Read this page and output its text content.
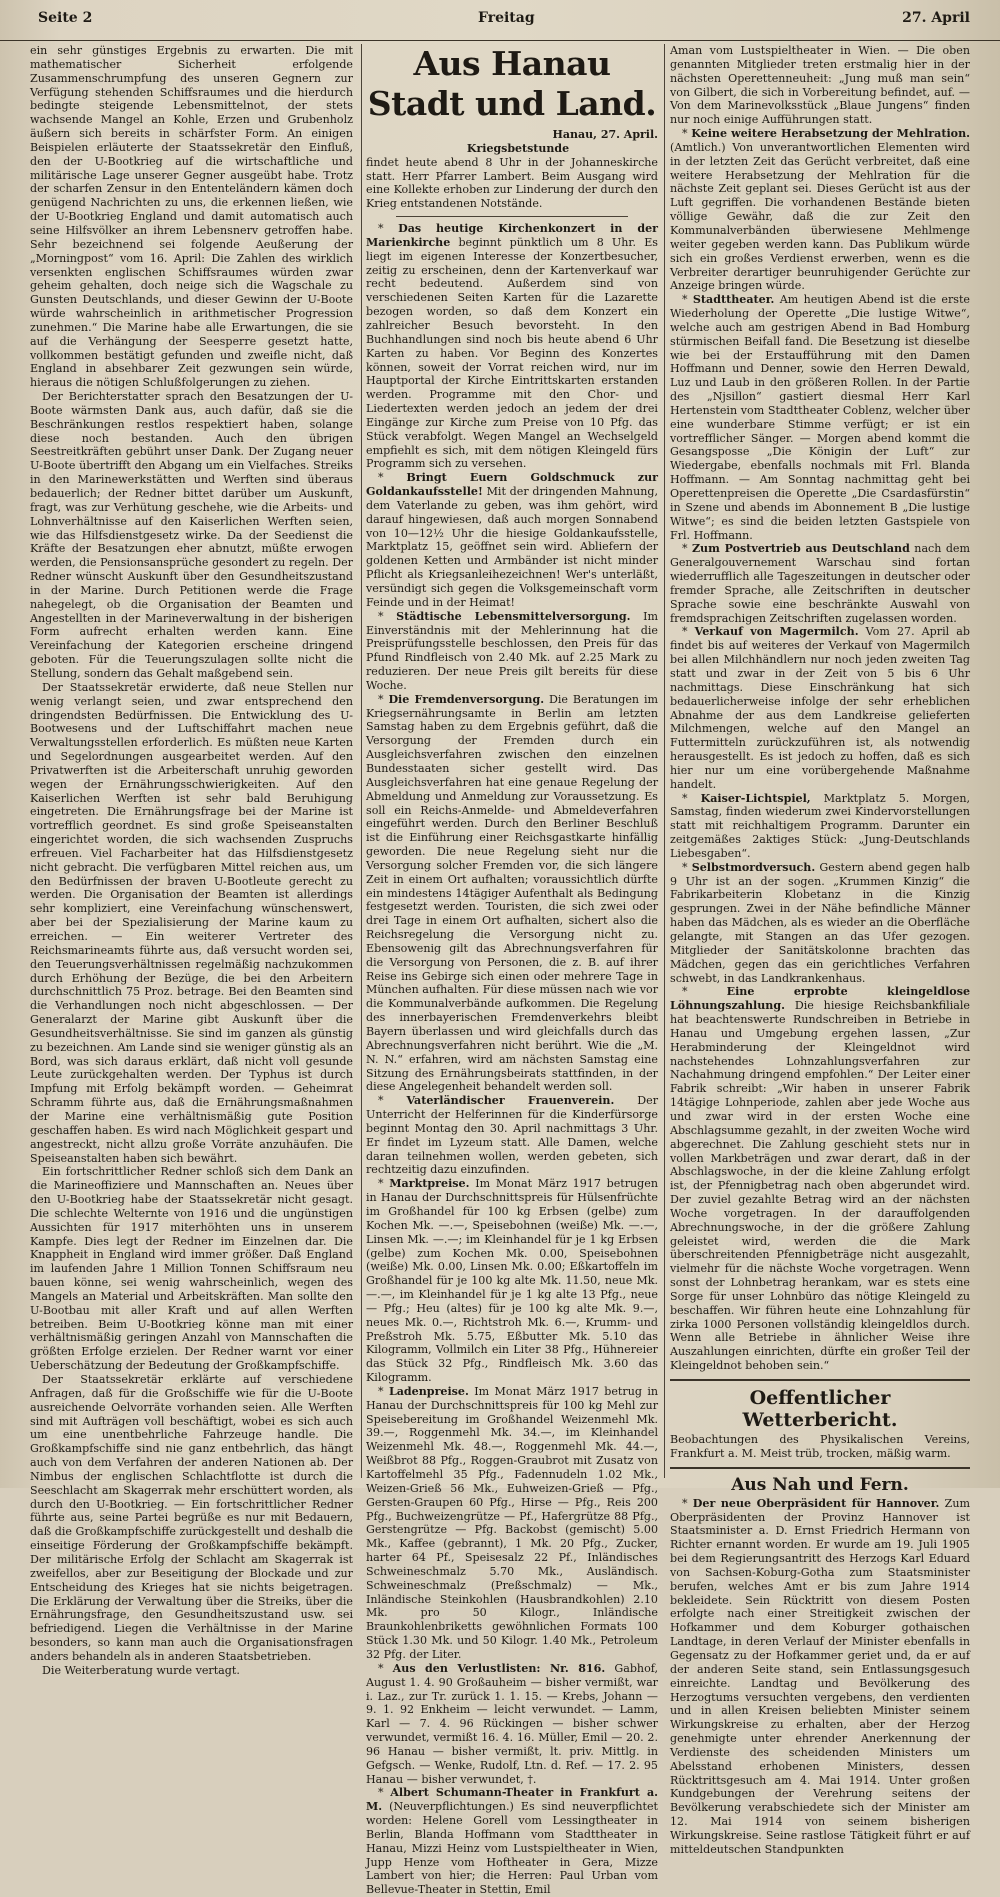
Seite 2	Freitag	27. April

ein sehr günstiges Ergebnis zu erwarten. Die mit mathematischer Sicherheit erfolgende Zusammenschrumpfung des unseren Gegnern zur Verfügung stehenden Schiffsraumes und die hierdurch bedingte steigende Lebensmittelnot, der stets wachsende Mangel an Kohle, Erzen und Grubenholz äußern sich bereits in schärfster Form. An einigen Beispielen erläuterte der Staatssekretär den Einfluß, den der U-Bootkrieg auf die wirtschaftliche und militärische Lage unserer Gegner ausgeübt habe. Trotz der scharfen Zensur in den Ententeländern kämen doch genügend Nachrichten zu uns, die erkennen ließen, wie der U-Bootkrieg England und damit automatisch auch seine Hilfsvölker an ihrem Lebensnerv getroffen habe. Sehr bezeichnend sei folgende Aeußerung der „Morningpost“ vom 16. April: Die Zahlen des wirklich versenkten englischen Schiffsraumes würden zwar geheim gehalten, doch neige sich die Wagschale zu Gunsten Deutschlands, und dieser Gewinn der U-Boote würde wahrscheinlich in arithmetischer Progression zunehmen.“ Die Marine habe alle Erwartungen, die sie auf die Verhängung der Seesperre gesetzt hatte, vollkommen bestätigt gefunden und zweifle nicht, daß England in absehbarer Zeit gezwungen sein würde, hieraus die nötigen Schlußfolgerungen zu ziehen.

Der Berichterstatter sprach den Besatzungen der U-Boote wärmsten Dank aus, auch dafür, daß sie die Beschränkungen restlos respektiert haben, solange diese noch bestanden. Auch den übrigen Seestreitkräften gebührt unser Dank. Der Zugang neuer U-Boote übertrifft den Abgang um ein Vielfaches. Streiks in den Marinewerkstätten und Werften sind überaus bedauerlich; der Redner bittet darüber um Auskunft, fragt, was zur Verhütung geschehe, wie die Arbeits- und Lohnverhältnisse auf den Kaiserlichen Werften seien, wie das Hilfsdienstgesetz wirke. Da der Seedienst die Kräfte der Besatzungen eher abnutzt, müßte erwogen werden, die Pensionsansprüche gesondert zu regeln. Der Redner wünscht Auskunft über den Gesundheitszustand in der Marine. Durch Petitionen werde die Frage nahegelegt, ob die Organisation der Beamten und Angestellten in der Marineverwaltung in der bisherigen Form aufrecht erhalten werden kann. Eine Vereinfachung der Kategorien erscheine dringend geboten. Für die Teuerungszulagen sollte nicht die Stellung, sondern das Gehalt maßgebend sein.

Der Staatssekretär erwiderte, daß neue Stellen nur wenig verlangt seien, und zwar entsprechend den dringendsten Bedürfnissen. Die Entwicklung des U-Bootwesens und der Luftschiffahrt machen neue Verwaltungsstellen erforderlich. Es müßten neue Karten und Segelordnungen ausgearbeitet werden. Auf den Privatwerften ist die Arbeiterschaft unruhig geworden wegen der Ernährungsschwierigkeiten. Auf den Kaiserlichen Werften ist sehr bald Beruhigung eingetreten. Die Ernährungsfrage bei der Marine ist vortrefflich geordnet. Es sind große Speiseanstalten eingerichtet worden, die sich wachsenden Zuspruchs erfreuen. Viel Facharbeiter hat das Hilfsdienstgesetz nicht gebracht. Die verfügbaren Mittel reichen aus, um den Bedürfnissen der braven U-Bootleute gerecht zu werden. Die Organisation der Beamten ist allerdings sehr kompliziert, eine Vereinfachung wünschenswert, aber bei der Spezialisierung der Marine kaum zu erreichen. — Ein weiterer Vertreter des Reichsmarineamts führte aus, daß versucht worden sei, den Teuerungsverhältnissen regelmäßig nachzukommen durch Erhöhung der Bezüge, die bei den Arbeitern durchschnittlich 75 Proz. betrage. Bei den Beamten sind die Verhandlungen noch nicht abgeschlossen. — Der Generalarzt der Marine gibt Auskunft über die Gesundheitsverhältnisse. Sie sind im ganzen als günstig zu bezeichnen. Am Lande sind sie weniger günstig als an Bord, was sich daraus erklärt, daß nicht voll gesunde Leute zurückgehalten werden. Der Typhus ist durch Impfung mit Erfolg bekämpft worden. — Geheimrat Schramm führte aus, daß die Ernährungsmaßnahmen der Marine eine verhältnismäßig gute Position geschaffen haben. Es wird nach Möglichkeit gespart und angestreckt, nicht allzu große Vorräte anzuhäufen. Die Speiseanstalten haben sich bewährt.

Ein fortschrittlicher Redner schloß sich dem Dank an die Marineoffiziere und Mannschaften an. Neues über den U-Bootkrieg habe der Staatssekretär nicht gesagt. Die schlechte Welternte von 1916 und die ungünstigen Aussichten für 1917 miterhöhten uns in unserem Kampfe. Dies legt der Redner im Einzelnen dar. Die Knappheit in England wird immer größer. Daß England im laufenden Jahre 1 Million Tonnen Schiffsraum neu bauen könne, sei wenig wahrscheinlich, wegen des Mangels an Material und Arbeitskräften. Man sollte den U-Bootbau mit aller Kraft und auf allen Werften betreiben. Beim U-Bootkrieg könne man mit einer verhältnismäßig geringen Anzahl von Mannschaften die größten Erfolge erzielen. Der Redner warnt vor einer Ueberschätzung der Bedeutung der Großkampfschiffe.

Der Staatssekretär erklärte auf verschiedene Anfragen, daß für die Großschiffe wie für die U-Boote ausreichende Oelvorräte vorhanden seien. Alle Werften sind mit Aufträgen voll beschäftigt, wobei es sich auch um eine unentbehrliche Fahrzeuge handle. Die Großkampfschiffe sind nie ganz entbehrlich, das hängt auch von dem Verfahren der anderen Nationen ab. Der Nimbus der englischen Schlachtflotte ist durch die Seeschlacht am Skagerrak mehr erschüttert worden, als durch den U-Bootkrieg. — Ein fortschrittlicher Redner führte aus, seine Partei begrüße es nur mit Bedauern, daß die Großkampfschiffe zurückgestellt und deshalb die einseitige Förderung der Großkampfschiffe bekämpft. Der militärische Erfolg der Schlacht am Skagerrak ist zweifellos, aber zur Beseitigung der Blockade und zur Entscheidung des Krieges hat sie nichts beigetragen. Die Erklärung der Verwaltung über die Streiks, über die Ernährungsfrage, den Gesundheitszustand usw. sei befriedigend. Liegen die Verhältnisse in der Marine besonders, so kann man auch die Organisationsfragen anders behandeln als in anderen Staatsbetrieben.

Die Weiterberatung wurde vertagt.

Aus Hanau Stadt und Land.

Hanau, 27. April.

Kriegsbetstunde

findet heute abend 8 Uhr in der Johanneskirche statt. Herr Pfarrer Lambert. Beim Ausgang wird eine Kollekte erhoben zur Linderung der durch den Krieg entstandenen Notstände.

* Das heutige Kirchenkonzert in der Marienkirche beginnt pünktlich um 8 Uhr. Es liegt im eigenen Interesse der Konzertbesucher, zeitig zu erscheinen, denn der Kartenverkauf war recht bedeutend. Außerdem sind von verschiedenen Seiten Karten für die Lazarette bezogen worden, so daß dem Konzert ein zahlreicher Besuch bevorsteht. In den Buchhandlungen sind noch bis heute abend 6 Uhr Karten zu haben. Vor Beginn des Konzertes können, soweit der Vorrat reichen wird, nur im Hauptportal der Kirche Eintrittskarten erstanden werden. Programme mit den Chor- und Liedertexten werden jedoch an jedem der drei Eingänge zur Kirche zum Preise von 10 Pfg. das Stück verabfolgt. Wegen Mangel an Wechselgeld empfiehlt es sich, mit dem nötigen Kleingeld fürs Programm sich zu versehen.

* Bringt Euern Goldschmuck zur Goldankaufsstelle! Mit der dringenden Mahnung, dem Vaterlande zu geben, was ihm gehört, wird darauf hingewiesen, daß auch morgen Sonnabend von 10—12½ Uhr die hiesige Goldankaufsstelle, Marktplatz 15, geöffnet sein wird. Abliefern der goldenen Ketten und Armbänder ist nicht minder Pflicht als Kriegsanleihezeichnen! Wer's unterläßt, versündigt sich gegen die Volksgemeinschaft vorm Feinde und in der Heimat!

* Städtische Lebensmittelversorgung. Im Einverständnis mit der Mehlerinnung hat die Preisprüfungsstelle beschlossen, den Preis für das Pfund Rindfleisch von 2.40 Mk. auf 2.25 Mark zu reduzieren. Der neue Preis gilt bereits für diese Woche.

* Die Fremdenversorgung. Die Beratungen im Kriegsernährungsamte in Berlin am letzten Samstag haben zu dem Ergebnis geführt, daß die Versorgung der Fremden durch ein Ausgleichsverfahren zwischen den einzelnen Bundesstaaten sicher gestellt wird. Das Ausgleichsverfahren hat eine genaue Regelung der Abmeldung und Anmeldung zur Voraussetzung. Es soll ein Reichs-Anmelde- und Abmeldeverfahren eingeführt werden. Durch den Berliner Beschluß ist die Einführung einer Reichsgastkarte hinfällig geworden. Die neue Regelung sieht nur die Versorgung solcher Fremden vor, die sich längere Zeit in einem Ort aufhalten; voraussichtlich dürfte ein mindestens 14tägiger Aufenthalt als Bedingung festgesetzt werden. Touristen, die sich zwei oder drei Tage in einem Ort aufhalten, sichert also die Reichsregelung die Versorgung nicht zu. Ebensowenig gilt das Abrechnungsverfahren für die Versorgung von Personen, die z. B. auf ihrer Reise ins Gebirge sich einen oder mehrere Tage in München aufhalten. Für diese müssen nach wie vor die Kommunalverbände aufkommen. Die Regelung des innerbayerischen Fremdenverkehrs bleibt Bayern überlassen und wird gleichfalls durch das Abrechnungsverfahren nicht berührt. Wie die „M. N. N.“ erfahren, wird am nächsten Samstag eine Sitzung des Ernährungsbeirats stattfinden, in der diese Angelegenheit behandelt werden soll.

* Vaterländischer Frauenverein. Der Unterricht der Helferinnen für die Kinderfürsorge beginnt Montag den 30. April nachmittags 3 Uhr. Er findet im Lyzeum statt. Alle Damen, welche daran teilnehmen wollen, werden gebeten, sich rechtzeitig dazu einzufinden.

* Marktpreise. Im Monat März 1917 betrugen in Hanau der Durchschnittspreis für Hülsenfrüchte im Großhandel für 100 kg Erbsen (gelbe) zum Kochen Mk. —.—, Speisebohnen (weiße) Mk. —.—, Linsen Mk. —.—; im Kleinhandel für je 1 kg Erbsen (gelbe) zum Kochen Mk. 0.00, Speisebohnen (weiße) Mk. 0.00, Linsen Mk. 0.00; Eßkartoffeln im Großhandel für je 100 kg alte Mk. 11.50, neue Mk. —.—, im Kleinhandel für je 1 kg alte 13 Pfg., neue — Pfg.; Heu (altes) für je 100 kg alte Mk. 9.—, neues Mk. 0.—, Richtstroh Mk. 6.—, Krumm- und Preßstroh Mk. 5.75, Eßbutter Mk. 5.10 das Kilogramm, Vollmilch ein Liter 38 Pfg., Hühnereier das Stück 32 Pfg., Rindfleisch Mk. 3.60 das Kilogramm.

* Ladenpreise. Im Monat März 1917 betrug in Hanau der Durchschnittspreis für 100 kg Mehl zur Speisebereitung im Großhandel Weizenmehl Mk. 39.—, Roggenmehl Mk. 34.—, im Kleinhandel Weizenmehl Mk. 48.—, Roggenmehl Mk. 44.—, Weißbrot 88 Pfg., Roggen-Graubrot mit Zusatz von Kartoffelmehl 35 Pfg., Fadennudeln 1.02 Mk., Weizen-Grieß 56 Mk., Euhweizen-Grieß — Pfg., Gersten-Graupen 60 Pfg., Hirse — Pfg., Reis 200 Pfg., Buchweizengrütze — Pf., Hafergrütze 88 Pfg., Gerstengrütze — Pfg. Backobst (gemischt) 5.00 Mk., Kaffee (gebrannt), 1 Mk. 20 Pfg., Zucker, harter 64 Pf., Speisesalz 22 Pf., Inländisches Schweineschmalz 5.70 Mk., Ausländisch. Schweineschmalz (Preßschmalz) — Mk., Inländische Steinkohlen (Hausbrandkohlen) 2.10 Mk. pro 50 Kilogr., Inländische Braunkohlenbriketts gewöhnlichen Formats 100 Stück 1.30 Mk. und 50 Kilogr. 1.40 Mk., Petroleum 32 Pfg. der Liter.

* Aus den Verlustlisten: Nr. 816. Gabhof, August 1. 4. 90 Großauheim — bisher vermißt, war i. Laz., zur Tr. zurück 1. 1. 15. — Krebs, Johann — 9. 1. 92 Enkheim — leicht verwundet. — Lamm, Karl — 7. 4. 96 Rückingen — bisher schwer verwundet, vermißt 16. 4. 16. Müller, Emil — 20. 2. 96 Hanau — bisher vermißt, lt. priv. Mittlg. in Gefgsch. — Wenke, Rudolf, Ltn. d. Ref. — 17. 2. 95 Hanau — bisher verwundet, †.

* Albert Schumann-Theater in Frankfurt a. M. (Neuverpflichtungen.) Es sind neuverpflichtet worden: Helene Gorell vom Lessingtheater in Berlin, Blanda Hoffmann vom Stadttheater in Hanau, Mizzi Heinz vom Lustspieltheater in Wien, Jupp Henze vom Hoftheater in Gera, Mizze Lambert von hier; die Herren: Paul Urban vom Bellevue-Theater in Stettin, Emil

Aman vom Lustspieltheater in Wien. — Die oben genannten Mitglieder treten erstmalig hier in der nächsten Operettenneuheit: „Jung muß man sein“ von Gilbert, die sich in Vorbereitung befindet, auf. — Von dem Marinevolksstück „Blaue Jungens“ finden nur noch einige Aufführungen statt.

* Keine weitere Herabsetzung der Mehlration. (Amtlich.) Von unverantwortlichen Elementen wird in der letzten Zeit das Gerücht verbreitet, daß eine weitere Herabsetzung der Mehlration für die nächste Zeit geplant sei. Dieses Gerücht ist aus der Luft gegriffen. Die vorhandenen Bestände bieten völlige Gewähr, daß die zur Zeit den Kommunalverbänden überwiesene Mehlmenge weiter gegeben werden kann. Das Publikum würde sich ein großes Verdienst erwerben, wenn es die Verbreiter derartiger beunruhigender Gerüchte zur Anzeige bringen würde.

* Stadttheater. Am heutigen Abend ist die erste Wiederholung der Operette „Die lustige Witwe“, welche auch am gestrigen Abend in Bad Homburg stürmischen Beifall fand. Die Besetzung ist dieselbe wie bei der Erstaufführung mit den Damen Hoffmann und Denner, sowie den Herren Dewald, Luz und Laub in den größeren Rollen. In der Partie des „Njsillon“ gastiert diesmal Herr Karl Hertenstein vom Stadttheater Coblenz, welcher über eine wunderbare Stimme verfügt; er ist ein vortrefflicher Sänger. — Morgen abend kommt die Gesangsposse „Die Königin der Luft“ zur Wiedergabe, ebenfalls nochmals mit Frl. Blanda Hoffmann. — Am Sonntag nachmittag geht bei Operettenpreisen die Operette „Die Csardasfürstin“ in Szene und abends im Abonnement B „Die lustige Witwe“; es sind die beiden letzten Gastspiele von Frl. Hoffmann.

* Zum Postvertrieb aus Deutschland nach dem Generalgouvernement Warschau sind fortan wiederrufflich alle Tageszeitungen in deutscher oder fremder Sprache, alle Zeitschriften in deutscher Sprache sowie eine beschränkte Auswahl von fremdsprachigen Zeitschriften zugelassen worden.

* Verkauf von Magermilch. Vom 27. April ab findet bis auf weiteres der Verkauf von Magermilch bei allen Milchhändlern nur noch jeden zweiten Tag statt und zwar in der Zeit von 5 bis 6 Uhr nachmittags. Diese Einschränkung hat sich bedauerlicherweise infolge der sehr erheblichen Abnahme der aus dem Landkreise gelieferten Milchmengen, welche auf den Mangel an Futtermitteln zurückzuführen ist, als notwendig herausgestellt. Es ist jedoch zu hoffen, daß es sich hier nur um eine vorübergehende Maßnahme handelt.

* Kaiser-Lichtspiel, Marktplatz 5. Morgen, Samstag, finden wiederum zwei Kindervorstellungen statt mit reichhaltigem Programm. Darunter ein zeitgemäßes 2aktiges Stück: „Jung-Deutschlands Liebesgaben“.

* Selbstmordversuch. Gestern abend gegen halb 9 Uhr ist an der sogen. „Krummen Kinzig“ die Fabrikarbeiterin Klobetanz in die Kinzig gesprungen. Zwei in der Nähe befindliche Männer haben das Mädchen, als es wieder an die Oberfläche gelangte, mit Stangen an das Ufer gezogen. Mitglieder der Sanitätskolonne brachten das Mädchen, gegen das ein gerichtliches Verfahren schwebt, in das Landkrankenhaus.

* Eine erprobte kleingeldlose Löhnungszahlung. Die hiesige Reichsbankfiliale hat beachtenswerte Rundschreiben in Betriebe in Hanau und Umgebung ergehen lassen, „Zur Herabminderung der Kleingeldnot wird nachstehendes Lohnzahlungsverfahren zur Nachahmung dringend empfohlen.“ Der Leiter einer Fabrik schreibt: „Wir haben in unserer Fabrik 14tägige Lohnperiode, zahlen aber jede Woche aus und zwar wird in der ersten Woche eine Abschlagsumme gezahlt, in der zweiten Woche wird abgerechnet. Die Zahlung geschieht stets nur in vollen Markbeträgen und zwar derart, daß in der Abschlagswoche, in der die kleine Zahlung erfolgt ist, der Pfennigbetrag nach oben abgerundet wird. Der zuviel gezahlte Betrag wird an der nächsten Woche vorgetragen. In der darauffolgenden Abrechnungswoche, in der die größere Zahlung geleistet wird, werden die die Mark überschreitenden Pfennigbeträge nicht ausgezahlt, vielmehr für die nächste Woche vorgetragen. Wenn sonst der Lohnbetrag herankam, war es stets eine Sorge für unser Lohnbüro das nötige Kleingeld zu beschaffen. Wir führen heute eine Lohnzahlung für zirka 1000 Personen vollständig kleingeldlos durch. Wenn alle Betriebe in ähnlicher Weise ihre Auszahlungen einrichten, dürfte ein großer Teil der Kleingeldnot behoben sein.“

Oeffentlicher Wetterbericht.

Beobachtungen des Physikalischen Vereins, Frankfurt a. M. Meist trüb, trocken, mäßig warm.

Aus Nah und Fern.

* Der neue Oberpräsident für Hannover. Zum Oberpräsidenten der Provinz Hannover ist Staatsminister a. D. Ernst Friedrich Hermann von Richter ernannt worden. Er wurde am 19. Juli 1905 bei dem Regierungsantritt des Herzogs Karl Eduard von Sachsen-Koburg-Gotha zum Staatsminister berufen, welches Amt er bis zum Jahre 1914 bekleidete. Sein Rücktritt von diesem Posten erfolgte nach einer Streitigkeit zwischen der Hofkammer und dem Koburger gothaischen Landtage, in deren Verlauf der Minister ebenfalls in Gegensatz zu der Hofkammer geriet und, da er auf der anderen Seite stand, sein Entlassungsgesuch einreichte. Landtag und Bevölkerung des Herzogtums versuchten vergebens, den verdienten und in allen Kreisen beliebten Minister seinem Wirkungskreise zu erhalten, aber der Herzog genehmigte unter ehrender Anerkennung der Verdienste des scheidenden Ministers um Abelsstand erhobenen Ministers, dessen Rücktrittsgesuch am 4. Mai 1914. Unter großen Kundgebungen der Verehrung seitens der Bevölkerung verabschiedete sich der Minister am 12. Mai 1914 von seinem bisherigen Wirkungskreise. Seine rastlose Tätigkeit führt er auf mitteldeutschen Standpunkten
